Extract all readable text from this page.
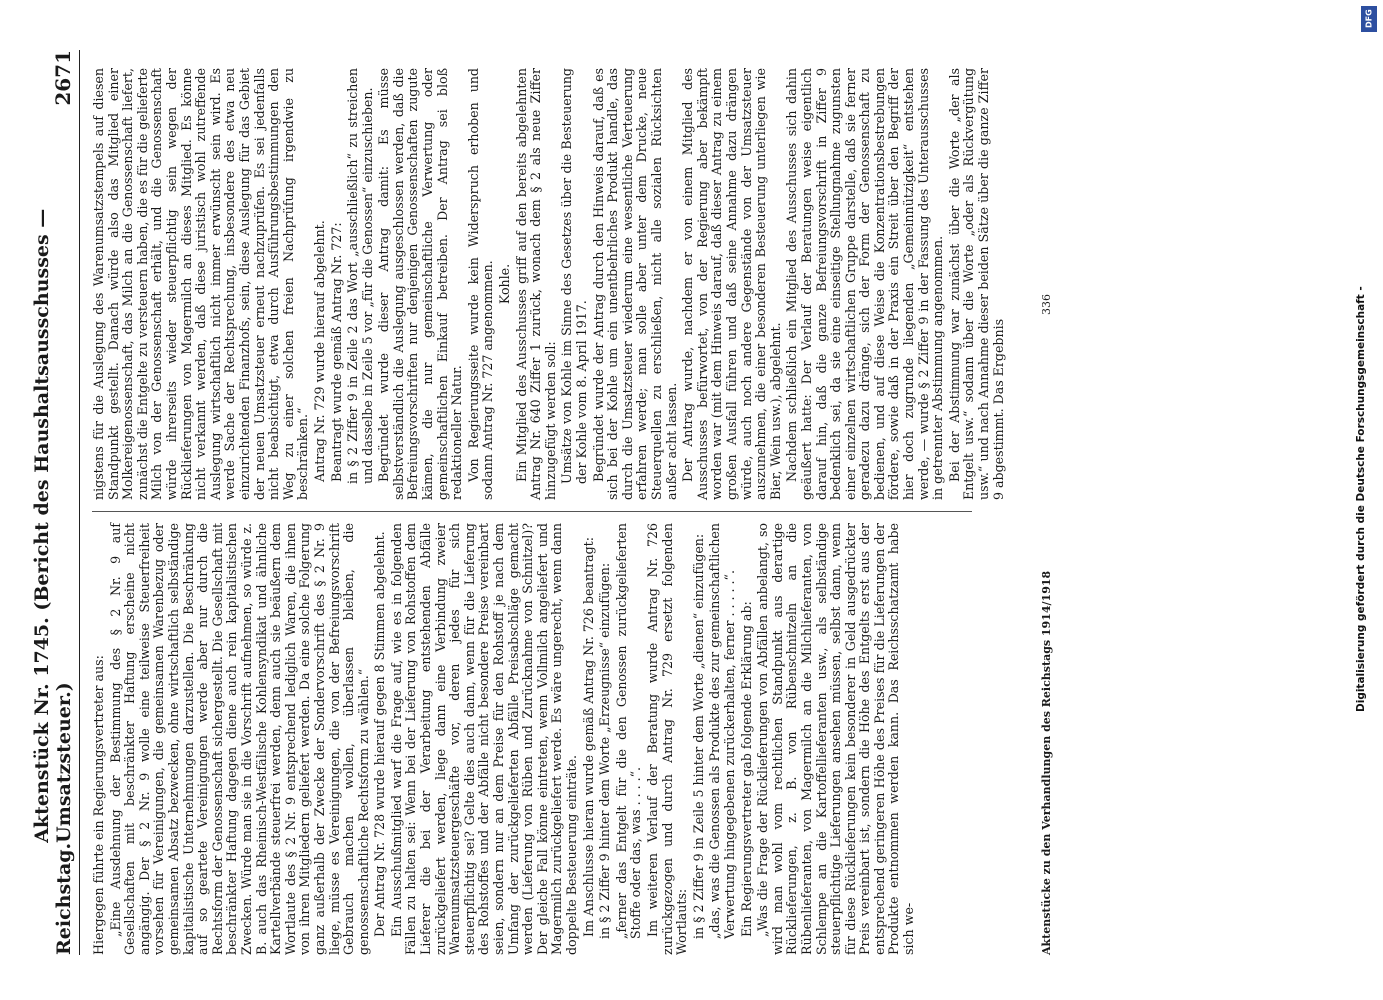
Reichstag.
Aktenstück Nr. 1745. (Bericht des Haushaltsausschusses — Umsatzsteuer.)
2671

Hiergegen führte ein Regierungsvertreter aus: „Eine Ausdehnung der Bestimmung des § 2 Nr. 9 auf Gesellschaften mit beschränkter Haftung erscheine nicht angängig. Der § 2 Nr. 9 wolle eine teilweise Steuerfreiheit vorsehen für Vereinigungen, die gemeinsamen Warenbezug oder gemeinsamen Absatz bezwecken, ohne wirtschaftlich selbständige kapitalistische Unternehmungen darzustellen. Die Beschränkung auf so geartete Vereinigungen werde aber nur durch die Rechtsform der Genossenschaft sichergestellt. Die Gesellschaft mit beschränkter Haftung dagegen diene auch rein kapitalistischen Zwecken. Würde man sie in die Vorschrift aufnehmen, so würde z. B. auch das Rheinisch-Westfälische Kohlensyndikat und ähnliche Kartellverbände steuerfrei werden, denn auch sie beäußern dem Wortlaute des § 2 Nr. 9 entsprechend lediglich Waren, die ihnen von ihren Mitgliedern geliefert werden. Da eine solche Folgerung ganz außerhalb der Zwecke der Sondervorschrift des § 2 Nr. 9 liege, müsse es Vereinigungen, die von der Befreiungsvorschrift Gebrauch machen wollen, überlassen bleiben, die genossenschaftliche Rechtsform zu wählen.“ Der Antrag Nr. 728 wurde hierauf gegen 8 Stimmen abgelehnt. Ein Ausschußmitglied warf die Frage auf, wie es in folgenden Fällen zu halten sei: Wenn bei der Lieferung von Rohstoffen dem Lieferer die bei der Verarbeitung entstehenden Abfälle zurückgeliefert werden, liege dann eine Verbindung zweier Warenumsatzsteuergeschäfte vor, deren jedes für sich steuerpflichtig sei? Gelte dies auch dann, wenn für die Lieferung des Rohstoffes und der Abfälle nicht besondere Preise vereinbart seien, sondern nur an dem Preise für den Rohstoff je nach dem Umfang der zurückgelieferten Abfälle Preisabschläge gemacht werden (Lieferung von Rüben und Zurücknahme von Schnitzel)? Der gleiche Fall könne eintreten, wenn Vollmilch angeliefert und Magermilch zurückgeliefert werde. Es wäre ungerecht, wenn dann doppelte Besteuerung einträte. Im Anschlusse hieran wurde gemäß Antrag Nr. 726 beantragt: in § 2 Ziffer 9 hinter dem Worte „Erzeugnisse“ einzufügen: „ferner das Entgelt für die den Genossen zurückgelieferten Stoffe oder das, was . . . .“. Im weiteren Verlauf der Beratung wurde Antrag Nr. 726 zurückgezogen und durch Antrag Nr. 729 ersetzt folgenden Wortlauts: in § 2 Ziffer 9 in Zeile 5 hinter dem Worte „dienen“ einzufügen: „das, was die Genossen als Produkte des zur gemeinschaftlichen Verwertung hingegebenen zurückerhalten, ferner . . . . .“. Ein Regierungsvertreter gab folgende Erklärung ab: „Was die Frage der Rücklieferungen von Abfällen anbelangt, so wird man wohl vom rechtlichen Standpunkt aus derartige Rücklieferungen, z. B. von Rübenschnitzeln an die Rübenlieferanten, von Magermilch an die Milchlieferanten, von Schlempe an die Kartoffellieferanten usw., als selbständige steuerpflichtige Lieferungen ansehen müssen, selbst dann, wenn für diese Rücklieferungen kein besonderer in Geld ausgedrückter Preis vereinbart ist, sondern die Höhe des Entgelts erst aus der entsprechend geringeren Höhe des Preises für die Lieferungen der Produkte entnommen werden kann. Das Reichsschatzamt habe sich we-

nigstens für die Auslegung des Warenumsatzstempels auf diesen Standpunkt gestellt. Danach würde also das Mitglied einer Molkereigenossenschaft, das Milch an die Genossenschaft liefert, zunächst die Entgelte zu versteuern haben, die es für die gelieferte Milch von der Genossenschaft erhält, und die Genossenschaft würde ihrerseits wieder steuerpflichtig sein wegen der Rücklieferungen von Magermilch an dieses Mitglied. Es könne nicht verkannt werden, daß diese juristisch wohl zutreffende Auslegung wirtschaftlich nicht immer erwünscht sein wird. Es werde Sache der Rechtsprechung, insbesondere des etwa neu einzurichtenden Finanzhofs, sein, diese Auslegung für das Gebiet der neuen Umsatzsteuer erneut nachzuprüfen. Es sei jedenfalls nicht beabsichtigt, etwa durch Ausführungsbestimmungen den Weg zu einer solchen freien Nachprüfung irgendwie zu beschränken.“ Antrag Nr. 729 wurde hierauf abgelehnt. Beantragt wurde gemäß Antrag Nr. 727: in § 2 Ziffer 9 in Zeile 2 das Wort „ausschließlich“ zu streichen und dasselbe in Zeile 5 vor „für die Genossen“ einzuschieben. Begründet wurde dieser Antrag damit: Es müsse selbstverständlich die Auslegung ausgeschlossen werden, daß die Befreiungsvorschriften nur denjenigen Genossenschaften zugute kämen, die nur gemeinschaftliche Verwertung oder gemeinschaftlichen Einkauf betreiben. Der Antrag sei bloß redaktioneller Natur. Von Regierungsseite wurde kein Widerspruch erhoben und sodann Antrag Nr. 727 angenommen. Kohle. Ein Mitglied des Ausschusses griff auf den bereits abgelehnten Antrag Nr. 640 Ziffer 1 zurück, wonach dem § 2 als neue Ziffer hinzugefügt werden soll: Umsätze von Kohle im Sinne des Gesetzes über die Besteuerung der Kohle vom 8. April 1917. Begründet wurde der Antrag durch den Hinweis darauf, daß es sich bei der Kohle um ein unentbehrliches Produkt handle, das durch die Umsatzsteuer wiederum eine wesentliche Verteuerung erfahren werde; man solle aber unter dem Drucke, neue Steuerquellen zu erschließen, nicht alle sozialen Rücksichten außer acht lassen. Der Antrag wurde, nachdem er von einem Mitglied des Ausschusses befürwortet, von der Regierung aber bekämpft worden war (mit dem Hinweis darauf, daß dieser Antrag zu einem großen Ausfall führen und daß seine Annahme dazu drängen würde, auch noch andere Gegenstände von der Umsatzsteuer auszunehmen, die einer besonderen Besteuerung unterliegen wie Bier, Wein usw.), abgelehnt. Nachdem schließlich ein Mitglied des Ausschusses sich dahin geäußert hatte: Der Verlauf der Beratungen weise eigentlich darauf hin, daß die ganze Befreiungsvorschrift in Ziffer 9 bedenklich sei, da sie eine einseitige Stellungnahme zugunsten einer einzelnen wirtschaftlichen Gruppe darstelle, daß sie ferner geradezu dazu dränge, sich der Form der Genossenschaft zu bedienen, und auf diese Weise die Konzentrationsbestrebungen fördere, sowie daß in der Praxis ein Streit über den Begriff der hier doch zugrunde liegenden „Gemeinnützigkeit“ entstehen werde, — wurde § 2 Ziffer 9 in der Fassung des Unterausschusses in getrennter Abstimmung angenommen. Bei der Abstimmung war zunächst über die Worte „der als Entgelt usw.“ sodann über die Worte „oder als Rückvergütung usw.“ und nach Annahme dieser beiden Sätze über die ganze Ziffer 9 abgestimmt. Das Ergebnis

Aktenstücke zu den Verhandlungen des Reichstags 1914/1918
336	Digitalisierung gefördert durch die Deutsche Forschungsgemeinschaft -
DFG
